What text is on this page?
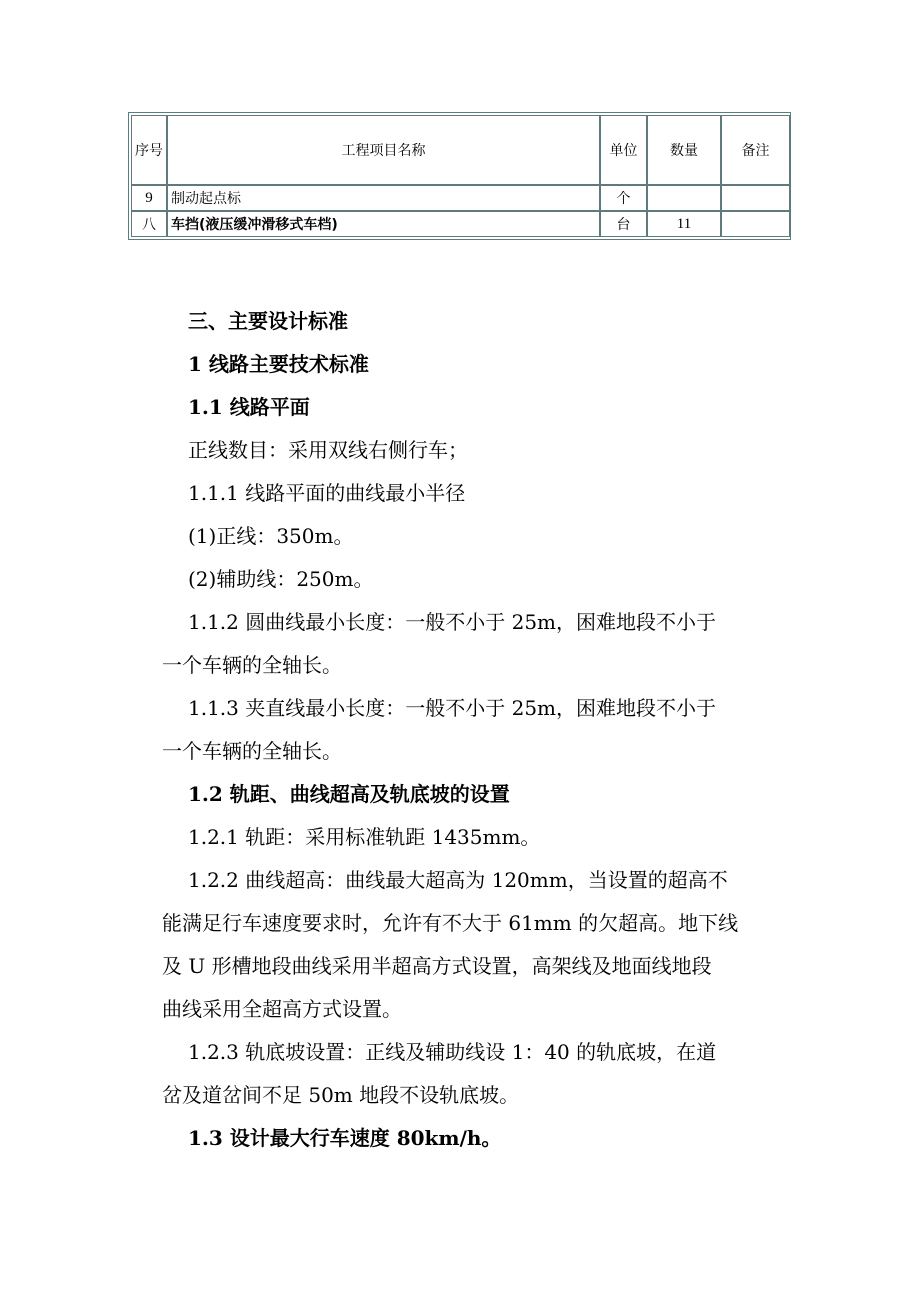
序号	工程项目名称	单位	数量	备注
9	制动起点标	个		
八	车挡(液压缓冲滑移式车档)	台	11	

三、主要设计标准

1 线路主要技术标准

1.1 线路平面

正线数目：采用双线右侧行车；

1.1.1 线路平面的曲线最小半径

(1)正线：350m。

(2)辅助线：250m。

1.1.2 圆曲线最小长度：一般不小于 25m，困难地段不小于

一个车辆的全轴长。

1.1.3 夹直线最小长度：一般不小于 25m，困难地段不小于

一个车辆的全轴长。

1.2 轨距、曲线超高及轨底坡的设置

1.2.1 轨距：采用标准轨距 1435mm。

1.2.2 曲线超高：曲线最大超高为 120mm，当设置的超高不

能满足行车速度要求时，允许有不大于 61mm 的欠超高。地下线

及 U 形槽地段曲线采用半超高方式设置，高架线及地面线地段

曲线采用全超高方式设置。

1.2.3 轨底坡设置：正线及辅助线设 1：40 的轨底坡，在道

岔及道岔间不足 50m 地段不设轨底坡。

1.3 设计最大行车速度 80km/h。
